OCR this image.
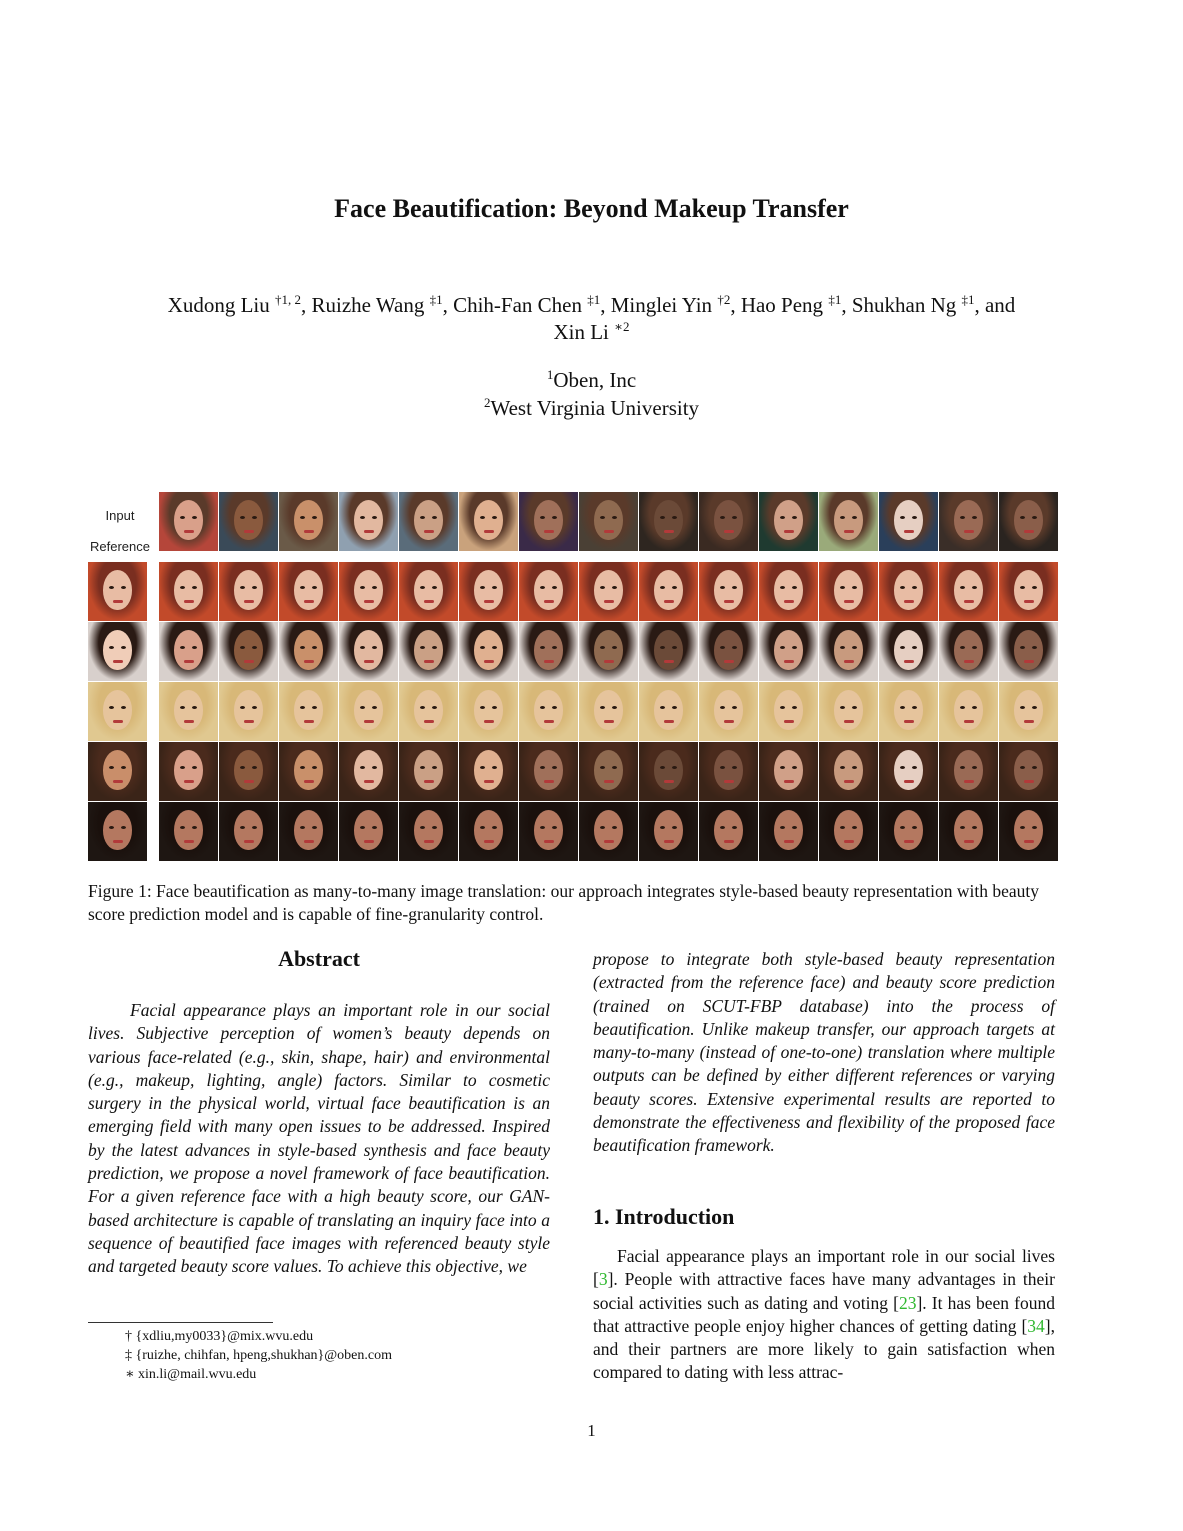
Face Beautification: Beyond Makeup Transfer
Xudong Liu $^{\dagger 1, 2}$, Ruizhe Wang $^{\ddagger 1}$, Chih-Fan Chen $^{\ddagger 1}$, Minglei Yin $^{\dagger 2}$, Hao Peng $^{\ddagger 1}$, Shukhan Ng $^{\ddagger 1}$, and
Xin Li $^{∗2}$
$^1$Oben, Inc
$^2$West Virginia University
Input
Reference

Figure 1: Face beautification as many-to-many image translation: our approach integrates style-based beauty representation with beauty score prediction model and is capable of fine-granularity control.

Abstract

Facial appearance plays an important role in our social lives. Subjective perception of women’s beauty depends on various face-related (e.g., skin, shape, hair) and environmental (e.g., makeup, lighting, angle) factors. Similar to cosmetic surgery in the physical world, virtual face beautification is an emerging field with many open issues to be addressed. Inspired by the latest advances in style-based synthesis and face beauty prediction, we propose a novel framework of face beautification. For a given reference face with a high beauty score, our GAN-based architecture is capable of translating an inquiry face into a sequence of beautified face images with referenced beauty style and targeted beauty score values. To achieve this objective, we

propose to integrate both style-based beauty representation (extracted from the reference face) and beauty score prediction (trained on SCUT-FBP database) into the process of beautification. Unlike makeup transfer, our approach targets at many-to-many (instead of one-to-one) translation where multiple outputs can be defined by either different references or varying beauty scores. Extensive experimental results are reported to demonstrate the effectiveness and flexibility of the proposed face beautification framework.

1. Introduction

Facial appearance plays an important role in our social lives [3]. People with attractive faces have many advantages in their social activities such as dating and voting [23]. It has been found that attractive people enjoy higher chances of getting dating [34], and their partners are more likely to gain satisfaction when compared to dating with less attrac-

† {xdliu,my0033}@mix.wvu.edu
‡ {ruizhe, chihfan, hpeng,shukhan}@oben.com
∗ xin.li@mail.wvu.edu
1
